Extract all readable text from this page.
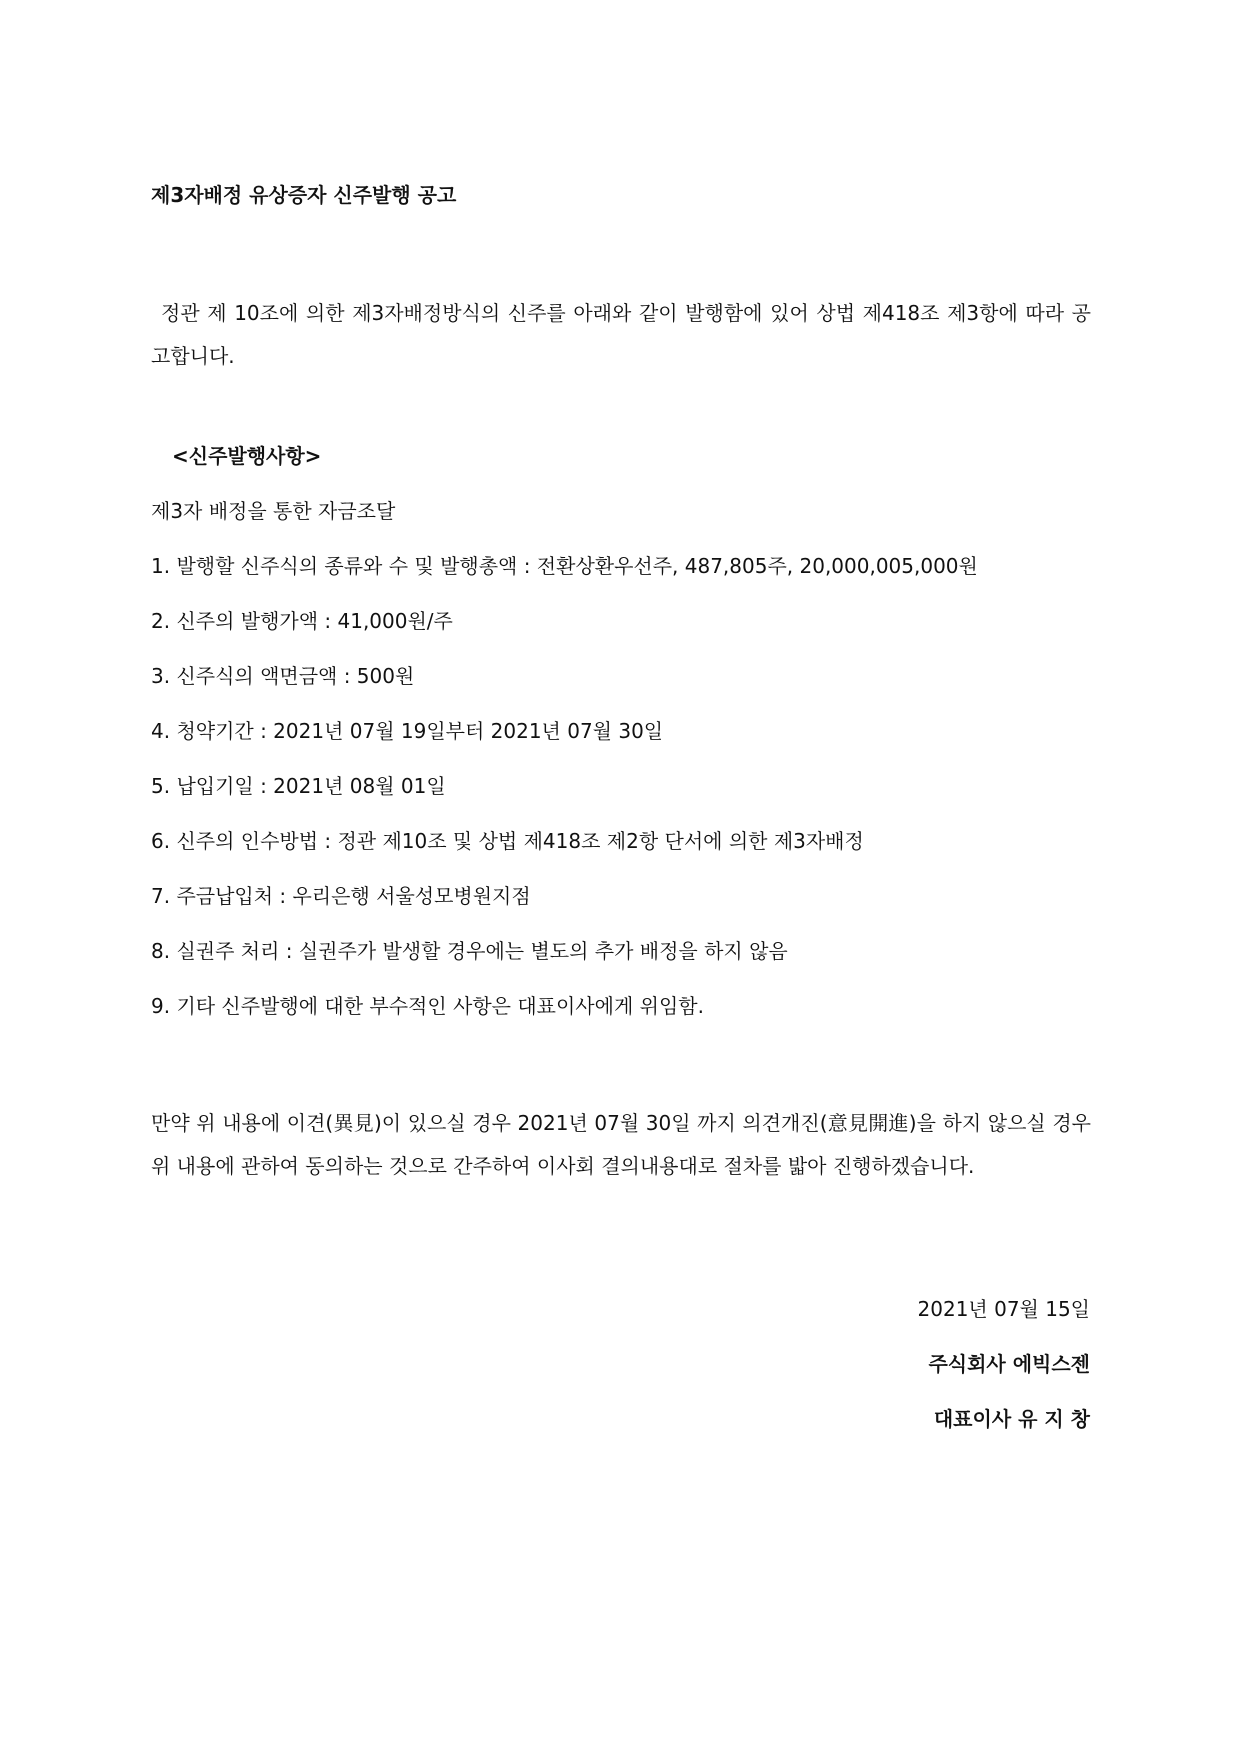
제3자배정 유상증자 신주발행 공고
정관 제 10조에 의한 제3자배정방식의 신주를 아래와 같이 발행함에 있어 상법 제418조 제3항에 따라 공고합니다.
<신주발행사항>
제3자 배정을 통한 자금조달
1. 발행할 신주식의 종류와 수 및 발행총액 : 전환상환우선주, 487,805주, 20,000,005,000원
2. 신주의 발행가액 : 41,000원/주
3. 신주식의 액면금액 : 500원
4. 청약기간 : 2021년 07월 19일부터 2021년 07월 30일
5. 납입기일 : 2021년 08월 01일
6. 신주의 인수방법 : 정관 제10조 및 상법 제418조 제2항 단서에 의한 제3자배정
7. 주금납입처 : 우리은행 서울성모병원지점
8. 실권주 처리 : 실권주가 발생할 경우에는 별도의 추가 배정을 하지 않음
9. 기타 신주발행에 대한 부수적인 사항은 대표이사에게 위임함.
만약 위 내용에 이견(異見)이 있으실 경우 2021년 07월 30일 까지 의견개진(意見開進)을 하지 않으실 경우 위 내용에 관하여 동의하는 것으로 간주하여 이사회 결의내용대로 절차를 밟아 진행하겠습니다.
2021년 07월 15일
주식회사 에빅스젠
대표이사 유 지 창
